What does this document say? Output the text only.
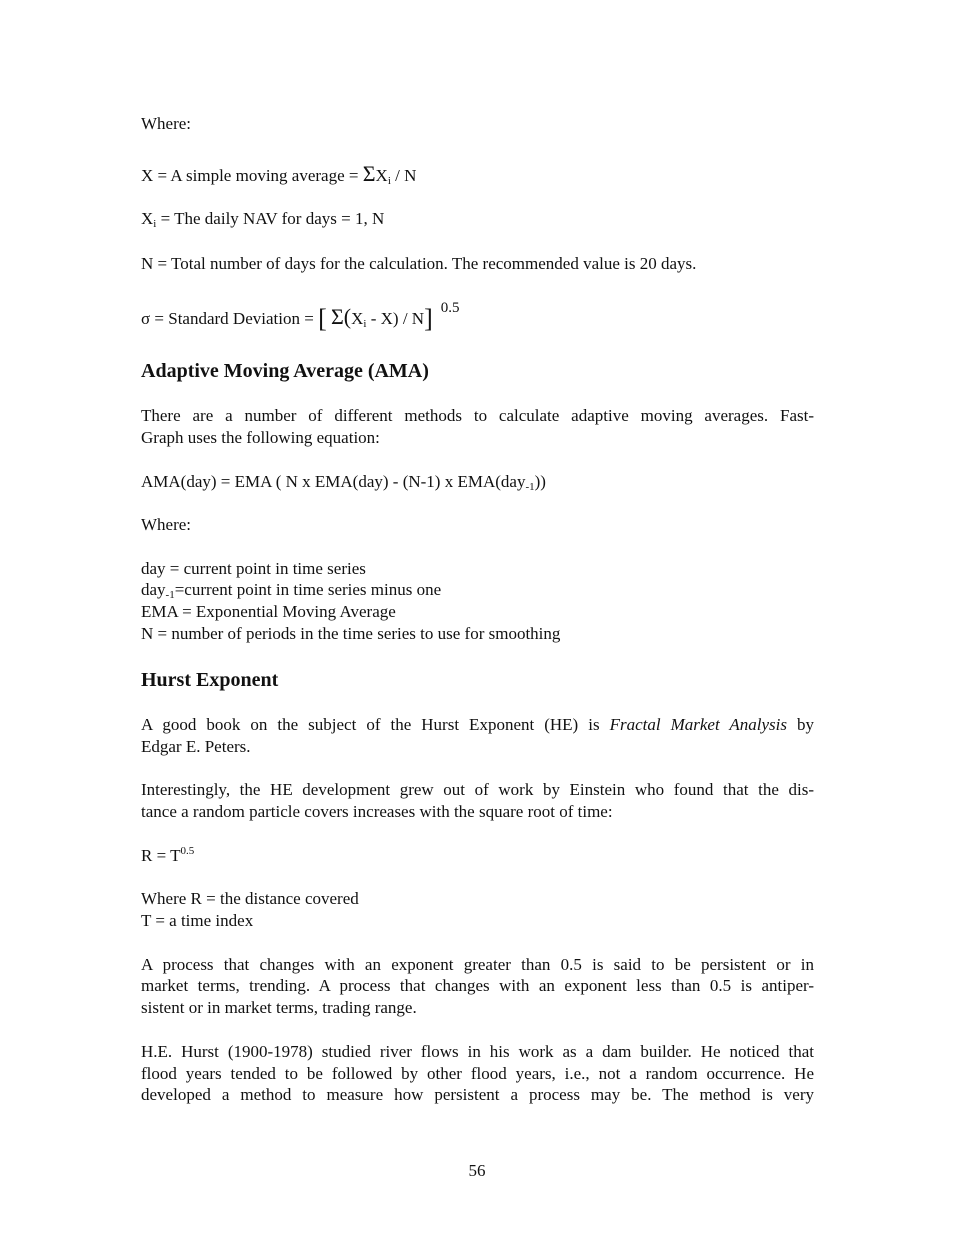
Where:
X = A simple moving average = $\Sigma X_i$ / N
$X_i$ = The daily NAV for days = 1, N
N = Total number of days for the calculation. The recommended value is 20 days.
σ = Standard Deviation = [ $\Sigma(X_i - X) / N$] 0.5
Adaptive Moving Average (AMA)
There are a number of different methods to calculate adaptive moving averages. Fast-
Graph uses the following equation:
AMA(day) = EMA ( N x EMA(day) - (N-1) x EMA(day$_{-1}$))
Where:
day = current point in time series
day$_{-1}$=current point in time series minus one
EMA = Exponential Moving Average
N = number of periods in the time series to use for smoothing
Hurst Exponent
A good book on the subject of the Hurst Exponent (HE) is Fractal Market Analysis by
Edgar E. Peters.
Interestingly, the HE development grew out of work by Einstein who found that the dis-
tance a random particle covers increases with the square root of time:
$R = T^{0.5}$
Where R = the distance covered
T = a time index
A process that changes with an exponent greater than 0.5 is said to be persistent or in
market terms, trending. A process that changes with an exponent less than 0.5 is antiper-
sistent or in market terms, trading range.
H.E. Hurst (1900-1978) studied river flows in his work as a dam builder. He noticed that
flood years tended to be followed by other flood years, i.e., not a random occurrence. He
developed a method to measure how persistent a process may be. The method is very
56
